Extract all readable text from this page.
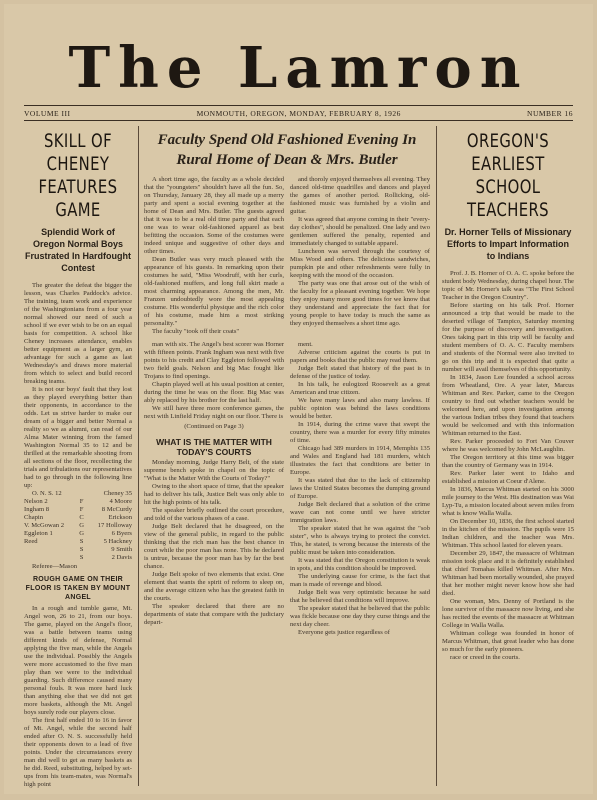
The Lamron
VOLUME III	MONMOUTH, OREGON, MONDAY, FEBRUARY 8, 1926	NUMBER 16
SKILL OF CHENEY FEATURES GAME
Splendid Work of Oregon Normal Boys Frustrated In Hardfought Contest

The greater the defeat the bigger the lesson, was Charles Paddock's advice. The training, team work and experience of the Washingtonians from a four year normal showed our need of such a school if we ever wish to be on an equal basis for competition. A school like Cheney increases attendance, enables better equipment as a larger gym, an advantage for such a game as last Wednesday's and draws more material from which to select and build record breaking teams.

It is not our boys' fault that they lost as they played everything better than their opponents, in accordance to the odds. Let us strive harder to make our dream of a bigger and better Normal a reality so we as alumni, can read of our Alma Mater winning from the famed Washington Normal 35 to 12 and be thrilled at the remarkable shooting from all sections of the floor, recollecting the trials and tribulations our representatives had to go through in the following line up:

O. N. S. 12		Cheney 35
Nelson 2	F	4 Moore
Ingham 8	F	8 McCurdy
Chapin	C	Erickson
V. McGowan 2	G	17 Holloway
Eggleton 1	G	6 Byers
Reed	S	5 Hackney
	S	9 Smith
	S	2 Davis
Referee—Mason
ROUGH GAME ON THEIR FLOOR IS TAKEN BY MOUNT ANGEL

In a rough and tumble game, Mt. Angel won, 26 to 21, from our boys. The game, played on the Angel's floor, was a battle between teams using different kinds of defense, Normal applying the five man, while the Angels use the individual. Possibly the Angels were more accustomed to the five man play than we were to the individual guarding. Such difference caused many personal fouls. It was more hard luck than anything else that we did not get more baskets, although the Mt. Angel boys surely rode our players close.

The first half ended 10 to 16 in favor of Mt. Angel, while the second half ended after O. N. S. successfully held their opponents down to a lead of five points. Under the circumstances every man did well to get as many baskets as he did. Reed, substituting, helped by set-ups from his team-mates, was Normal's high point

Faculty Spend Old Fashioned Evening In Rural Home of Dean & Mrs. Butler

A short time ago, the faculty as a whole decided that the "youngsters" shouldn't have all the fun. So, on Thursday, January 28, they all made up a merry party and spent a social evening together at the home of Dean and Mrs. Butler. The guests agreed that it was to be a real old time party and that each one was to wear old-fashioned apparel as best befitting the occasion. Some of the costumes were indeed unique and suggestive of other days and other times.

Dean Butler was very much pleased with the appearance of his guests. In remarking upon their costumes he said, "Miss Woodruff, with her curls, old-fashioned muffers, and long full skirt made a most charming appearance. Among the men, Mr. Franzen undoubtedly wore the most appealing costume. His wonderful physique and the rich color of his costume, made him a most striking personality."

The faculty "took off their coats"

and thoroly enjoyed themselves all evening. They danced old-time quadrilles and dances and played the games of another period. Rollicking, old-fashioned music was furnished by a violin and guitar.

It was agreed that anyone coming in their "every-day clothes", should be penalized. One lady and two gentlemen suffered the penalty, repented and immediately changed to suitable apparel.

Luncheon was served through the courtesy of Miss Wood and others. The delicious sandwiches, pumpkin pie and other refreshments were fully in keeping with the mood of the occasion.

The party was one that arose out of the wish of the faculty for a pleasant evening together. We hope they enjoy many more good times for we know that they understand and appreciate the fact that for young people to have today is much the same as they enjoyed themselves a short time ago.

man with six. The Angel's best scorer was Horner with fifteen points. Frank Ingham was next with five points to his credit and Clay Eggleton followed with two field goals. Nelson and big Mac fought like Trojans to find openings.

Chapin played well at his usual position at center, during the time he was on the floor. Big Mac was ably replaced by his brother for the last half.

We still have three more conference games, the next with Linfield Friday night on our floor. There is

(Continued on Page 3)
WHAT IS THE MATTER WITH TODAY'S COURTS

Monday morning, Judge Harry Belt, of the state supreme bench spoke in chapel on the topic of "What is the Matter With the Courts of Today?"

Owing to the short space of time, that the speaker had to deliver his talk, Justice Belt was only able to hit the high points of his talk.

The speaker briefly outlined the court procedure, and told of the various phases of a case.

Judge Belt declared that he disagreed, on the view of the general public, in regard to the public thinking that the rich man has the best chance in court while the poor man has none. This he declared is untrue, because the poor man has by far the best chance.

Judge Belt spoke of two elements that exist. One element that wants the spirit of reform to sleep on, and the average citizen who has the greatest faith in the courts.

The speaker declared that there are no departments of state that compare with the judiciary depart-

ment.

Adverse criticism against the courts is put in papers and books that the public may read them.

Judge Belt stated that history of the past is in defense of the justice of today.

In his talk, he eulogized Roosevelt as a great American and true citizen.

We have many laws and also many lawless. If public opinion was behind the laws conditions would be better.

In 1914, during the crime wave that swept the country, there was a murder for every fifty minutes of time.

Chicago had 389 murders in 1914, Memphis 135 and Wales and England had 181 murders, which illustrates the fact that conditions are better in Europe.

It was stated that due to the lack of citizenship laws the United States becomes the dumping ground of Europe.

Judge Belt declared that a solution of the crime wave can not come until we have stricter immigration laws.

The speaker stated that he was against the "sob sister", who is always trying to protect the convict. This, he stated, is wrong because the interests of the public must be taken into consideration.

It was stated that the Oregon constitution is weak in spots, and this condition should be improved.

The underlying cause for crime, is the fact that man is made of revenge and blood.

Judge Belt was very optimistic because he said that he believed that conditions will improve.

The speaker stated that he believed that the public was fickle because one day they curse things and the next day cheer.

Everyone gets justice regardless of

OREGON'S EARLIEST SCHOOL TEACHERS
Dr. Horner Tells of Missionary Efforts to Impart Information to Indians

Prof. J. B. Horner of O. A. C. spoke before the student body Wednesday, during chapel hour. The topic of Mr. Horner's talk was "The First School Teacher in the Oregon Country".

Before starting on his talk Prof. Horner announced a trip that would be made to the deserted village of Tampico, Saturday morning for the purpose of discovery and investigation. Ones taking part in this trip will be faculty and student members of O. A. C. Faculty members and students of the Normal were also invited to go on this trip and it is expected that quite a number will avail themselves of this opportunity.

In 1834, Jason Lee founded a school across from Wheatland, Ore. A year later, Marcus Whitman and Rev. Parker, came to the Oregon country to find out whether teachers would be welcomed here, and upon investigation among the various Indian tribes they found that teachers would be welcomed and with this information Whitman returned to the East.

Rev. Parker proceeded to Fort Van Couver where he was welcomed by John McLaughlin.

The Oregon territory at this time was bigger than the country of Germany was in 1914.

Rev. Parker later went to Idaho and established a mission at Coeur d'Alene.

In 1836, Marcus Whitman started on his 3000 mile journey to the West. His destination was Wai Lyp-Tu, a mission located about seven miles from what is know Walla Walla.

On December 10, 1836, the first school started in the kitchen of the mission. The pupils were 15 Indian children, and the teacher was Mrs. Whitman. This school lasted for eleven years.

December 29, 1847, the massacre of Whitman mission took place and it is definitely established that chief Tomahas killed Whitman. After Mrs. Whitman had been mortally wounded, she prayed that her mother might never know how she had died.

One woman, Mrs. Denny of Portland is the lone survivor of the massacre now living, and she has recited the events of the massacre at Whitman College in Walla Walla.

Whitman college was founded in honor of Marcus Whitman, that great leader who has done so much for the early pioneers.

race or creed in the courts.
